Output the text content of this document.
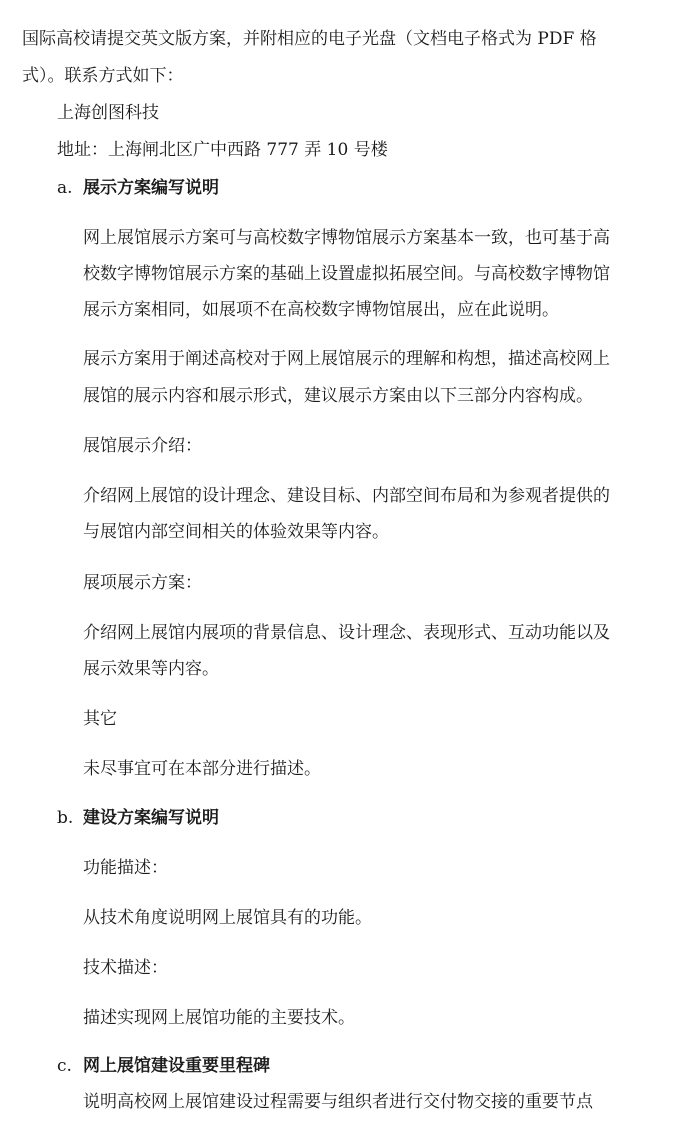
国际高校请提交英文版方案，并附相应的电子光盘（文档电子格式为 PDF 格
式）。联系方式如下：
上海创图科技
地址：上海闸北区广中西路 777 弄 10 号楼
a. 展示方案编写说明
网上展馆展示方案可与高校数字博物馆展示方案基本一致，也可基于高
校数字博物馆展示方案的基础上设置虚拟拓展空间。与高校数字博物馆
展示方案相同，如展项不在高校数字博物馆展出，应在此说明。
展示方案用于阐述高校对于网上展馆展示的理解和构想，描述高校网上
展馆的展示内容和展示形式，建议展示方案由以下三部分内容构成。
展馆展示介绍：
介绍网上展馆的设计理念、建设目标、内部空间布局和为参观者提供的
与展馆内部空间相关的体验效果等内容。
展项展示方案：
介绍网上展馆内展项的背景信息、设计理念、表现形式、互动功能以及
展示效果等内容。
其它
未尽事宜可在本部分进行描述。
b. 建设方案编写说明
功能描述：
从技术角度说明网上展馆具有的功能。
技术描述：
描述实现网上展馆功能的主要技术。
c. 网上展馆建设重要里程碑
说明高校网上展馆建设过程需要与组织者进行交付物交接的重要节点
